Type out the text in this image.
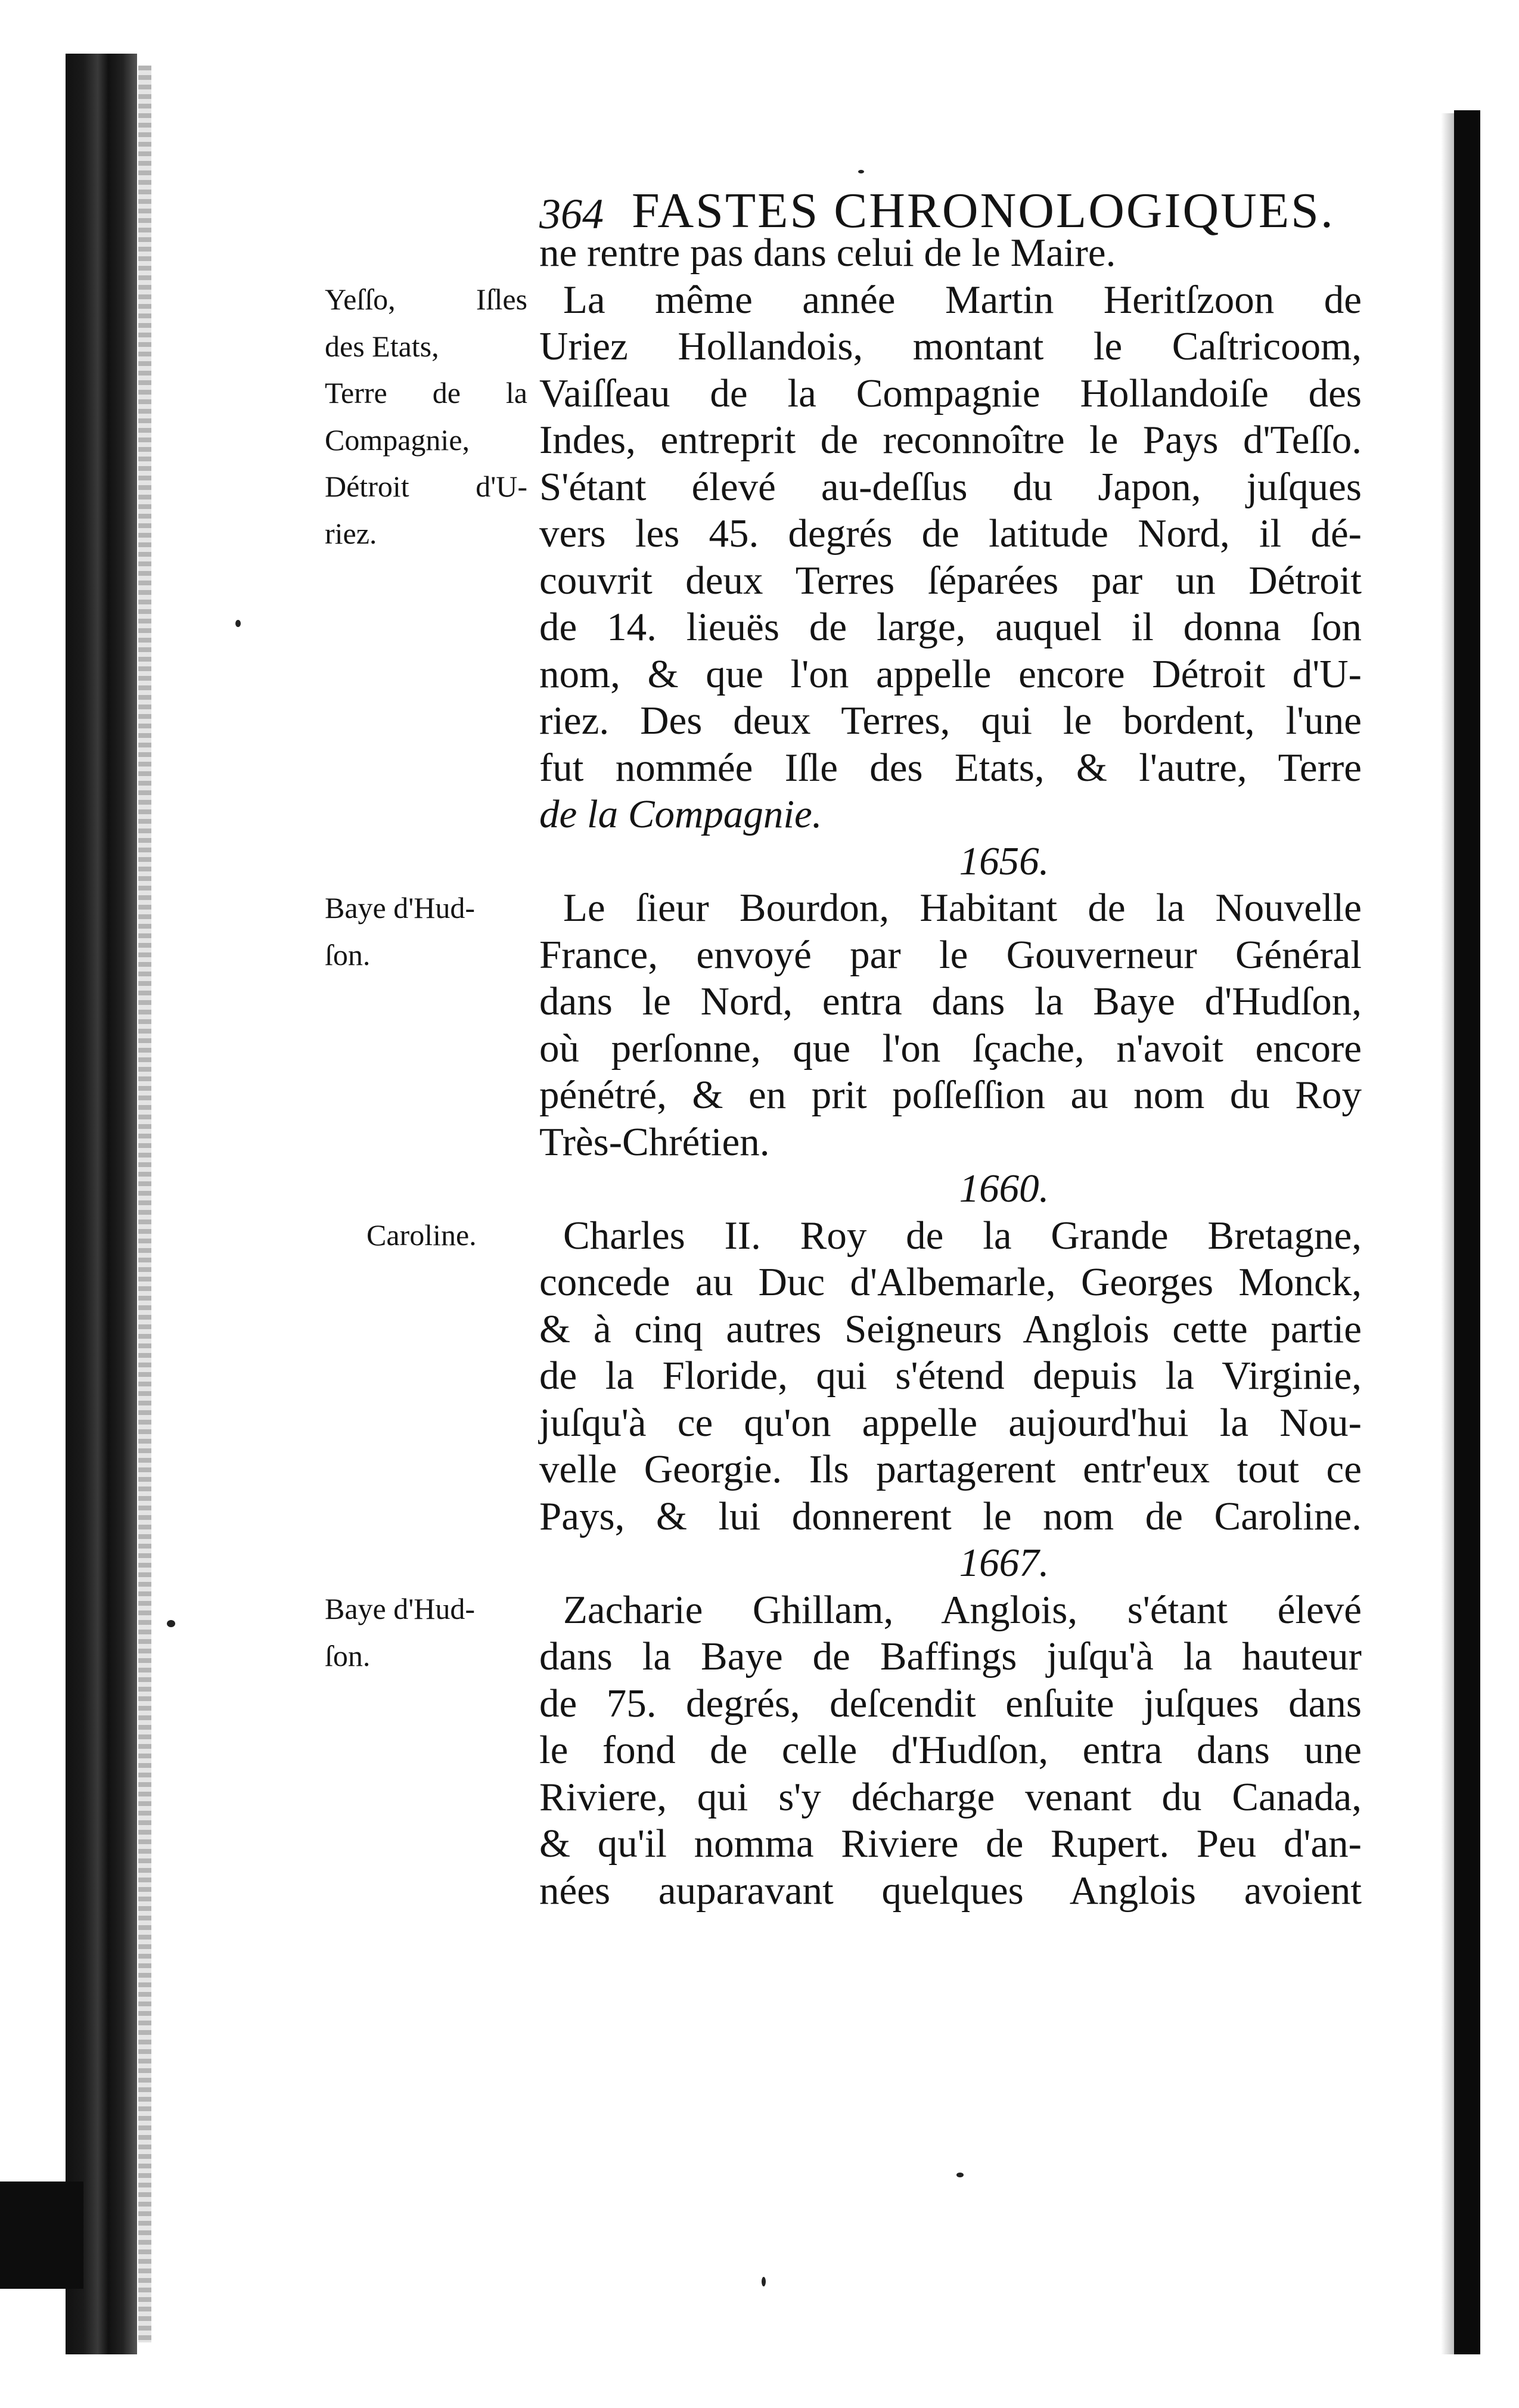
364 FASTES CHRONOLOGIQUES.
ne rentre pas dans celui de le Maire.
La même année Martin Heritſzoon de
Uriez Hollandois, montant le Caſtricoom,
Vaiſſeau de la Compagnie Hollandoiſe des
Indes, entreprit de reconnoître le Pays d'Teſſo.
S'étant élevé au-deſſus du Japon, juſques
vers les 45. degrés de latitude Nord, il dé-
couvrit deux Terres ſéparées par un Détroit
de 14. lieuës de large, auquel il donna ſon
nom, & que l'on appelle encore Détroit d'U-
riez. Des deux Terres, qui le bordent, l'une
fut nommée Iſle des Etats, & l'autre, Terre
de la Compagnie.
1656.
Le ſieur Bourdon, Habitant de la Nouvelle
France, envoyé par le Gouverneur Général
dans le Nord, entra dans la Baye d'Hudſon,
où perſonne, que l'on ſçache, n'avoit encore
pénétré, & en prit poſſeſſion au nom du Roy
Très-Chrétien.
1660.
Charles II. Roy de la Grande Bretagne,
concede au Duc d'Albemarle, Georges Monck,
& à cinq autres Seigneurs Anglois cette partie
de la Floride, qui s'étend depuis la Virginie,
juſqu'à ce qu'on appelle aujourd'hui la Nou-
velle Georgie. Ils partagerent entr'eux tout ce
Pays, & lui donnerent le nom de Caroline.
1667.
Zacharie Ghillam, Anglois, s'étant élevé
dans la Baye de Baffings juſqu'à la hauteur
de 75. degrés, deſcendit enſuite juſques dans
le fond de celle d'Hudſon, entra dans une
Riviere, qui s'y décharge venant du Canada,
& qu'il nomma Riviere de Rupert. Peu d'an-
nées auparavant quelques Anglois avoient
Yeſſo, Iſles
des Etats,
Terre de la
Compagnie,
Détroit d'U-
riez.
Baye d'Hud-
ſon.
Caroline.
Baye d'Hud-
ſon.
